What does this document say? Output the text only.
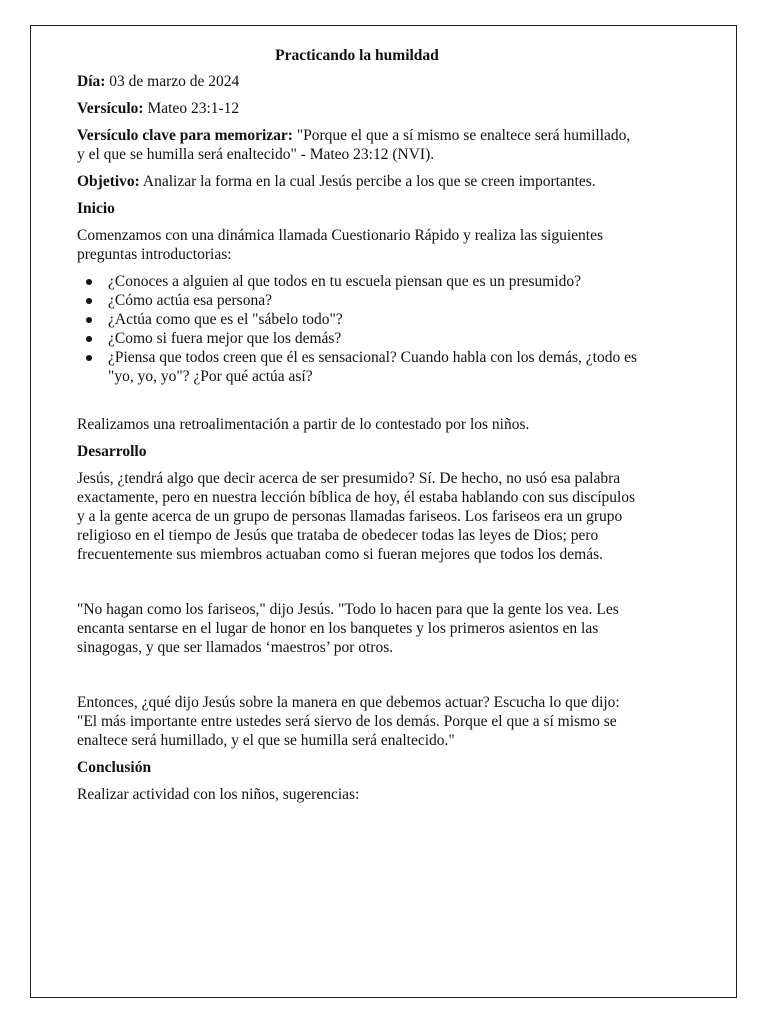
Practicando la humildad

Día: 03 de marzo de 2024

Versículo: Mateo 23:1-12

Versículo clave para memorizar: "Porque el que a sí mismo se enaltece será humillado, y el que se humilla será enaltecido" - Mateo 23:12 (NVI).

Objetivo: Analizar la forma en la cual Jesús percibe a los que se creen importantes.

Inicio

Comenzamos con una dinámica llamada Cuestionario Rápido y realiza las siguientes preguntas introductorias:

¿Conoces a alguien al que todos en tu escuela piensan que es un presumido?
¿Cómo actúa esa persona?
¿Actúa como que es el "sábelo todo"?
¿Como si fuera mejor que los demás?
¿Piensa que todos creen que él es sensacional? Cuando habla con los demás, ¿todo es "yo, yo, yo"? ¿Por qué actúa así?

Realizamos una retroalimentación a partir de lo contestado por los niños.

Desarrollo

Jesús, ¿tendrá algo que decir acerca de ser presumido? Sí. De hecho, no usó esa palabra exactamente, pero en nuestra lección bíblica de hoy, él estaba hablando con sus discípulos y a la gente acerca de un grupo de personas llamadas fariseos. Los fariseos era un grupo religioso en el tiempo de Jesús que trataba de obedecer todas las leyes de Dios; pero frecuentemente sus miembros actuaban como si fueran mejores que todos los demás.

"No hagan como los fariseos," dijo Jesús. "Todo lo hacen para que la gente los vea. Les encanta sentarse en el lugar de honor en los banquetes y los primeros asientos en las sinagogas, y que ser llamados ‘maestros’ por otros.

Entonces, ¿qué dijo Jesús sobre la manera en que debemos actuar? Escucha lo que dijo: "El más importante entre ustedes será siervo de los demás. Porque el que a sí mismo se enaltece será humillado, y el que se humilla será enaltecido."

Conclusión

Realizar actividad con los niños, sugerencias:
